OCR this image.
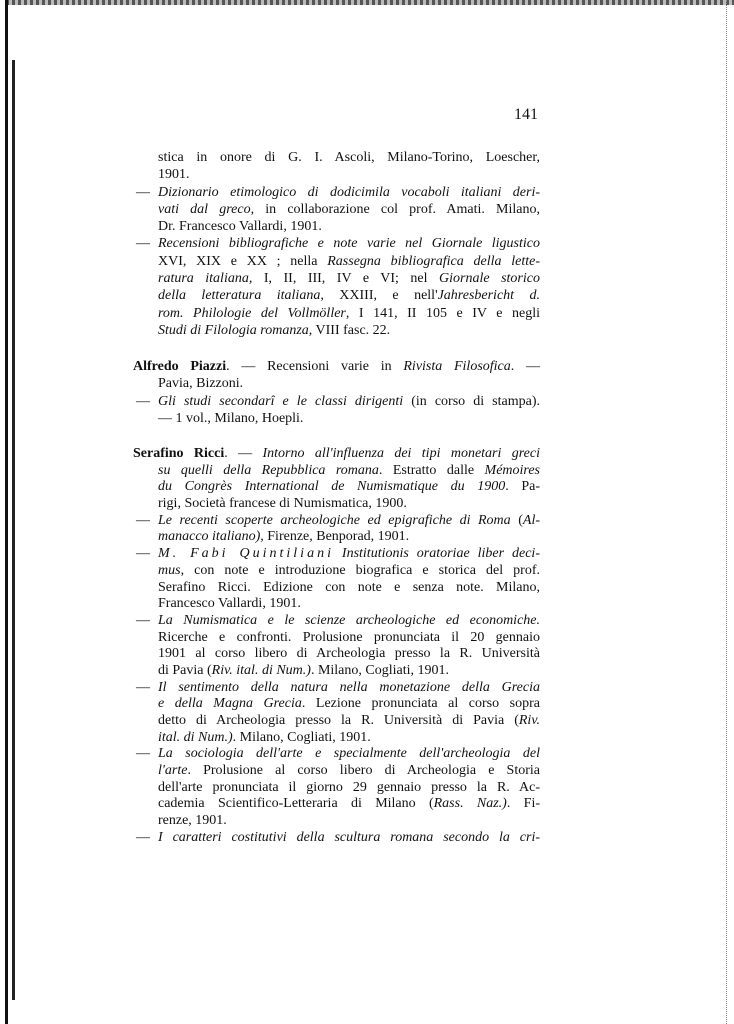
141
stica in onore di G. I. Ascoli, Milano-Torino, Loescher,
1901.
— Dizionario etimologico di dodicimila vocaboli italiani deri-
vati dal greco, in collaborazione col prof. Amati. Milano,
Dr. Francesco Vallardi, 1901.
— Recensioni bibliografiche e note varie nel Giornale ligustico
XVI, XIX e XX ; nella Rassegna bibliografica della lette-
ratura italiana, I, II, III, IV e VI; nel Giornale storico
della letteratura italiana, XXIII, e nell'Jahresbericht d.
rom. Philologie del Vollmöller, I 141, II 105 e IV e negli
Studi di Filologia romanza, VIII fasc. 22.
Alfredo Piazzi. — Recensioni varie in Rivista Filosofica. —
Pavia, Bizzoni.
— Gli studi secondarî e le classi dirigenti (in corso di stampa).
— 1 vol., Milano, Hoepli.
Serafino Ricci. — Intorno all'influenza dei tipi monetari greci
su quelli della Repubblica romana. Estratto dalle Mémoires
du Congrès International de Numismatique du 1900. Pa-
rigi, Società francese di Numismatica, 1900.
— Le recenti scoperte archeologiche ed epigrafiche di Roma (Al-
manacco italiano), Firenze, Benporad, 1901.
— M. Fabi Quintiliani Institutionis oratoriae liber deci-
mus, con note e introduzione biografica e storica del prof.
Serafino Ricci. Edizione con note e senza note. Milano,
Francesco Vallardi, 1901.
— La Numismatica e le scienze archeologiche ed economiche.
Ricerche e confronti. Prolusione pronunciata il 20 gennaio
1901 al corso libero di Archeologia presso la R. Università
di Pavia (Riv. ital. di Num.). Milano, Cogliati, 1901.
— Il sentimento della natura nella monetazione della Grecia
e della Magna Grecia. Lezione pronunciata al corso sopra
detto di Archeologia presso la R. Università di Pavia (Riv.
ital. di Num.). Milano, Cogliati, 1901.
— La sociologia dell'arte e specialmente dell'archeologia del
l'arte. Prolusione al corso libero di Archeologia e Storia
dell'arte pronunciata il giorno 29 gennaio presso la R. Ac-
cademia Scientifico-Letteraria di Milano (Rass. Naz.). Fi-
renze, 1901.
— I caratteri costitutivi della scultura romana secondo la cri-
